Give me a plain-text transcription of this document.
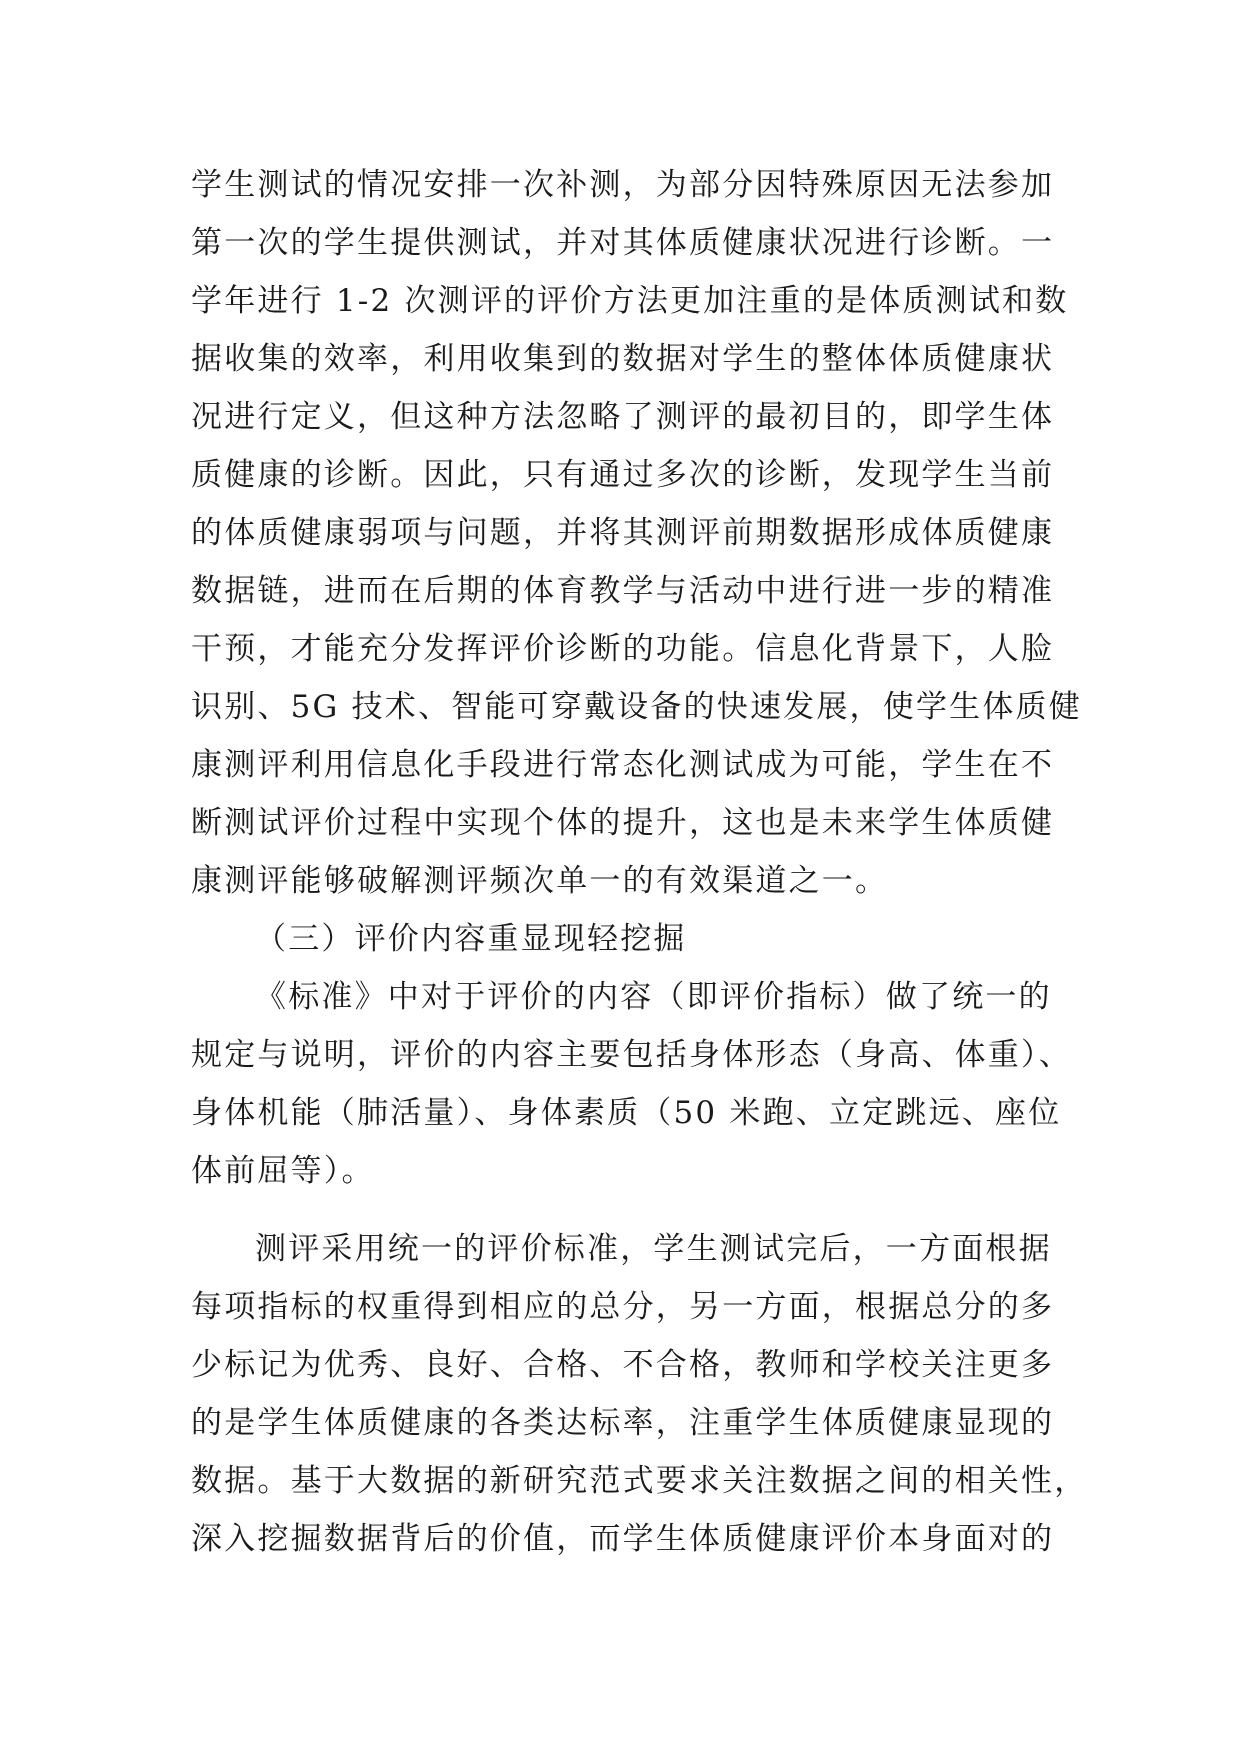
学生测试的情况安排一次补测，为部分因特殊原因无法参加
第一次的学生提供测试，并对其体质健康状况进行诊断。一
学年进行 1-2 次测评的评价方法更加注重的是体质测试和数
据收集的效率，利用收集到的数据对学生的整体体质健康状
况进行定义，但这种方法忽略了测评的最初目的，即学生体
质健康的诊断。因此，只有通过多次的诊断，发现学生当前
的体质健康弱项与问题，并将其测评前期数据形成体质健康
数据链，进而在后期的体育教学与活动中进行进一步的精准
干预，才能充分发挥评价诊断的功能。信息化背景下，人脸
识别、5G 技术、智能可穿戴设备的快速发展，使学生体质健
康测评利用信息化手段进行常态化测试成为可能，学生在不
断测试评价过程中实现个体的提升，这也是未来学生体质健
康测评能够破解测评频次单一的有效渠道之一。
（三）评价内容重显现轻挖掘
《标准》中对于评价的内容（即评价指标）做了统一的
规定与说明，评价的内容主要包括身体形态（身高、体重）、
身体机能（肺活量）、身体素质（50 米跑、立定跳远、座位
体前屈等）。
测评采用统一的评价标准，学生测试完后，一方面根据
每项指标的权重得到相应的总分，另一方面，根据总分的多
少标记为优秀、良好、合格、不合格，教师和学校关注更多
的是学生体质健康的各类达标率，注重学生体质健康显现的
数据。基于大数据的新研究范式要求关注数据之间的相关性，
深入挖掘数据背后的价值，而学生体质健康评价本身面对的
